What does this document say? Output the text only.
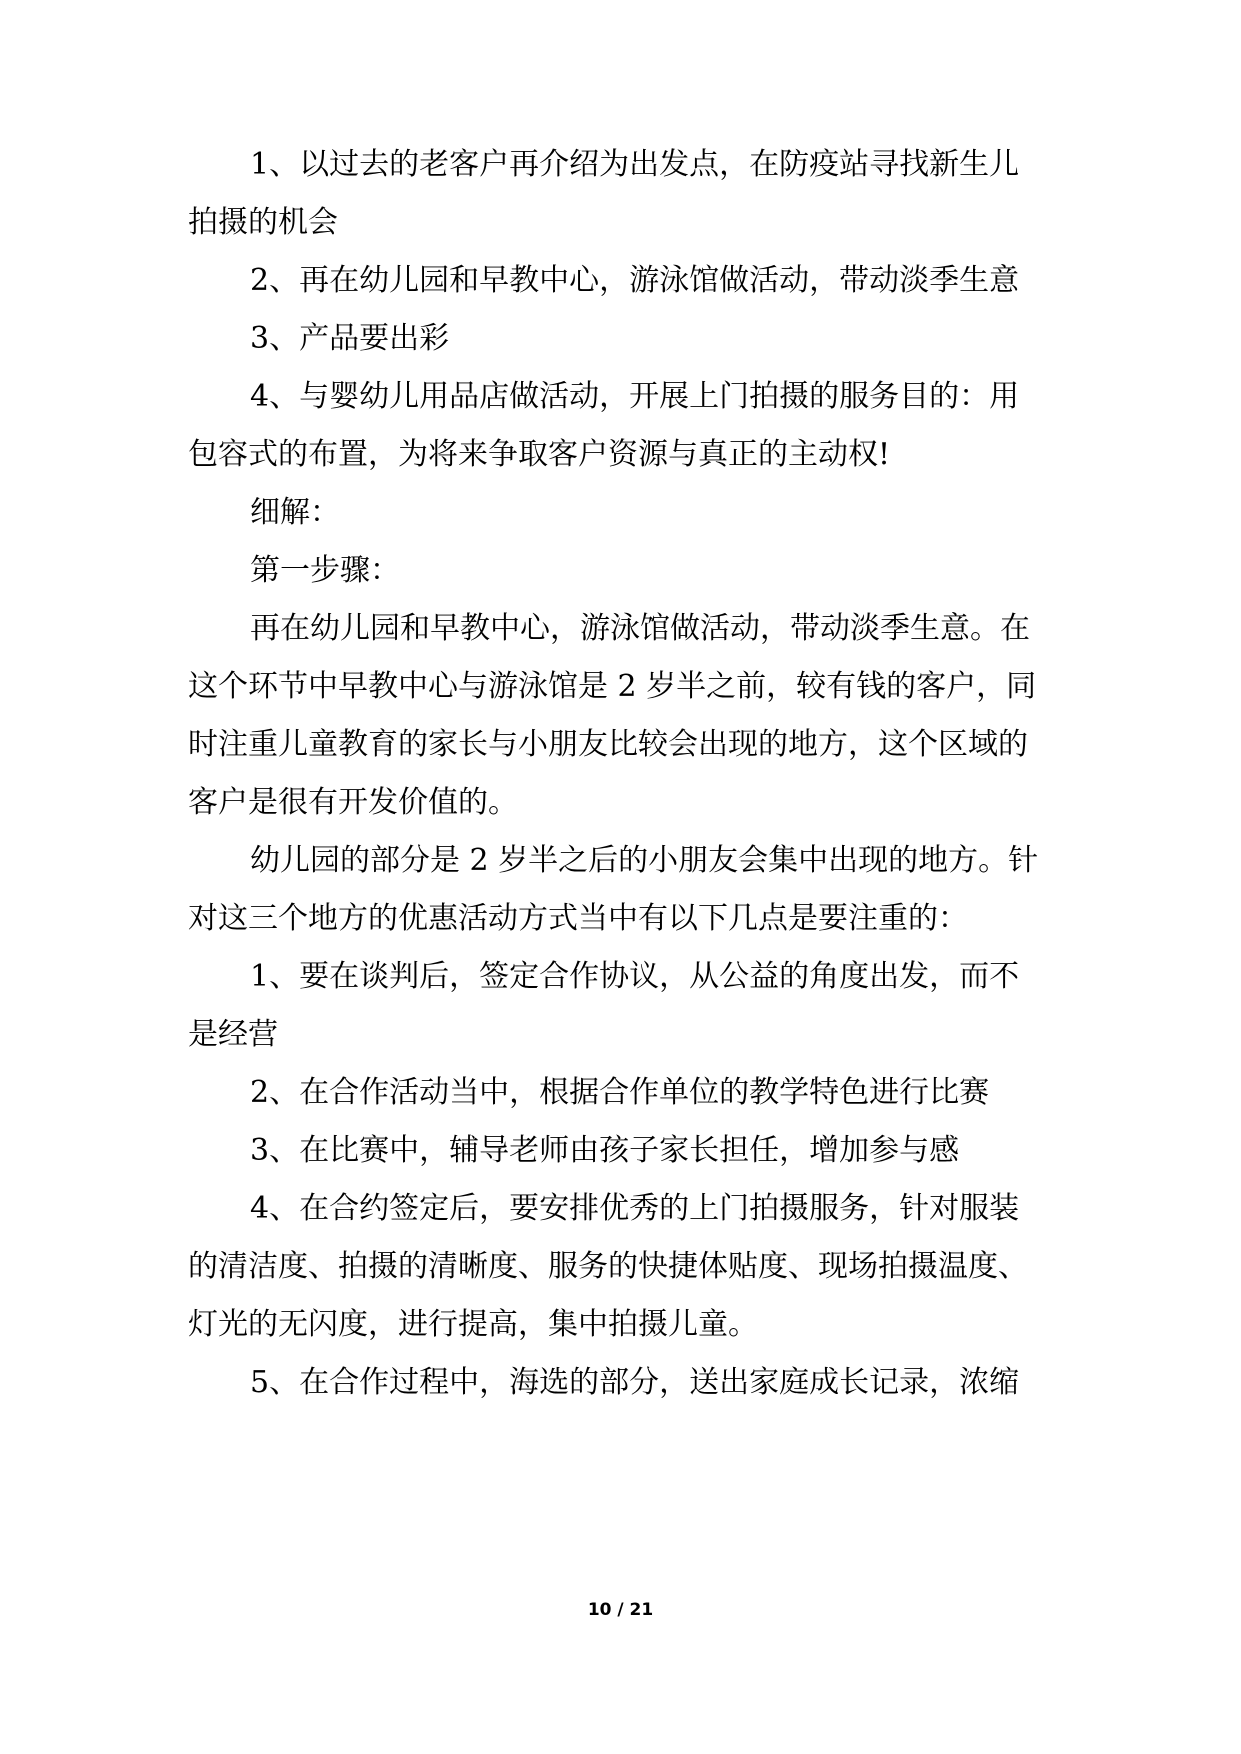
1、以过去的老客户再介绍为出发点，在防疫站寻找新生儿
拍摄的机会
2、再在幼儿园和早教中心，游泳馆做活动，带动淡季生意
3、产品要出彩
4、与婴幼儿用品店做活动，开展上门拍摄的服务目的：用
包容式的布置，为将来争取客户资源与真正的主动权!
细解：
第一步骤：
再在幼儿园和早教中心，游泳馆做活动，带动淡季生意。在
这个环节中早教中心与游泳馆是 2 岁半之前，较有钱的客户，同
时注重儿童教育的家长与小朋友比较会出现的地方，这个区域的
客户是很有开发价值的。
幼儿园的部分是 2 岁半之后的小朋友会集中出现的地方。针
对这三个地方的优惠活动方式当中有以下几点是要注重的：
1、要在谈判后，签定合作协议，从公益的角度出发，而不
是经营
2、在合作活动当中，根据合作单位的教学特色进行比赛
3、在比赛中，辅导老师由孩子家长担任，增加参与感
4、在合约签定后，要安排优秀的上门拍摄服务，针对服装
的清洁度、拍摄的清晰度、服务的快捷体贴度、现场拍摄温度、
灯光的无闪度，进行提高，集中拍摄儿童。
5、在合作过程中，海选的部分，送出家庭成长记录，浓缩
10 / 21
